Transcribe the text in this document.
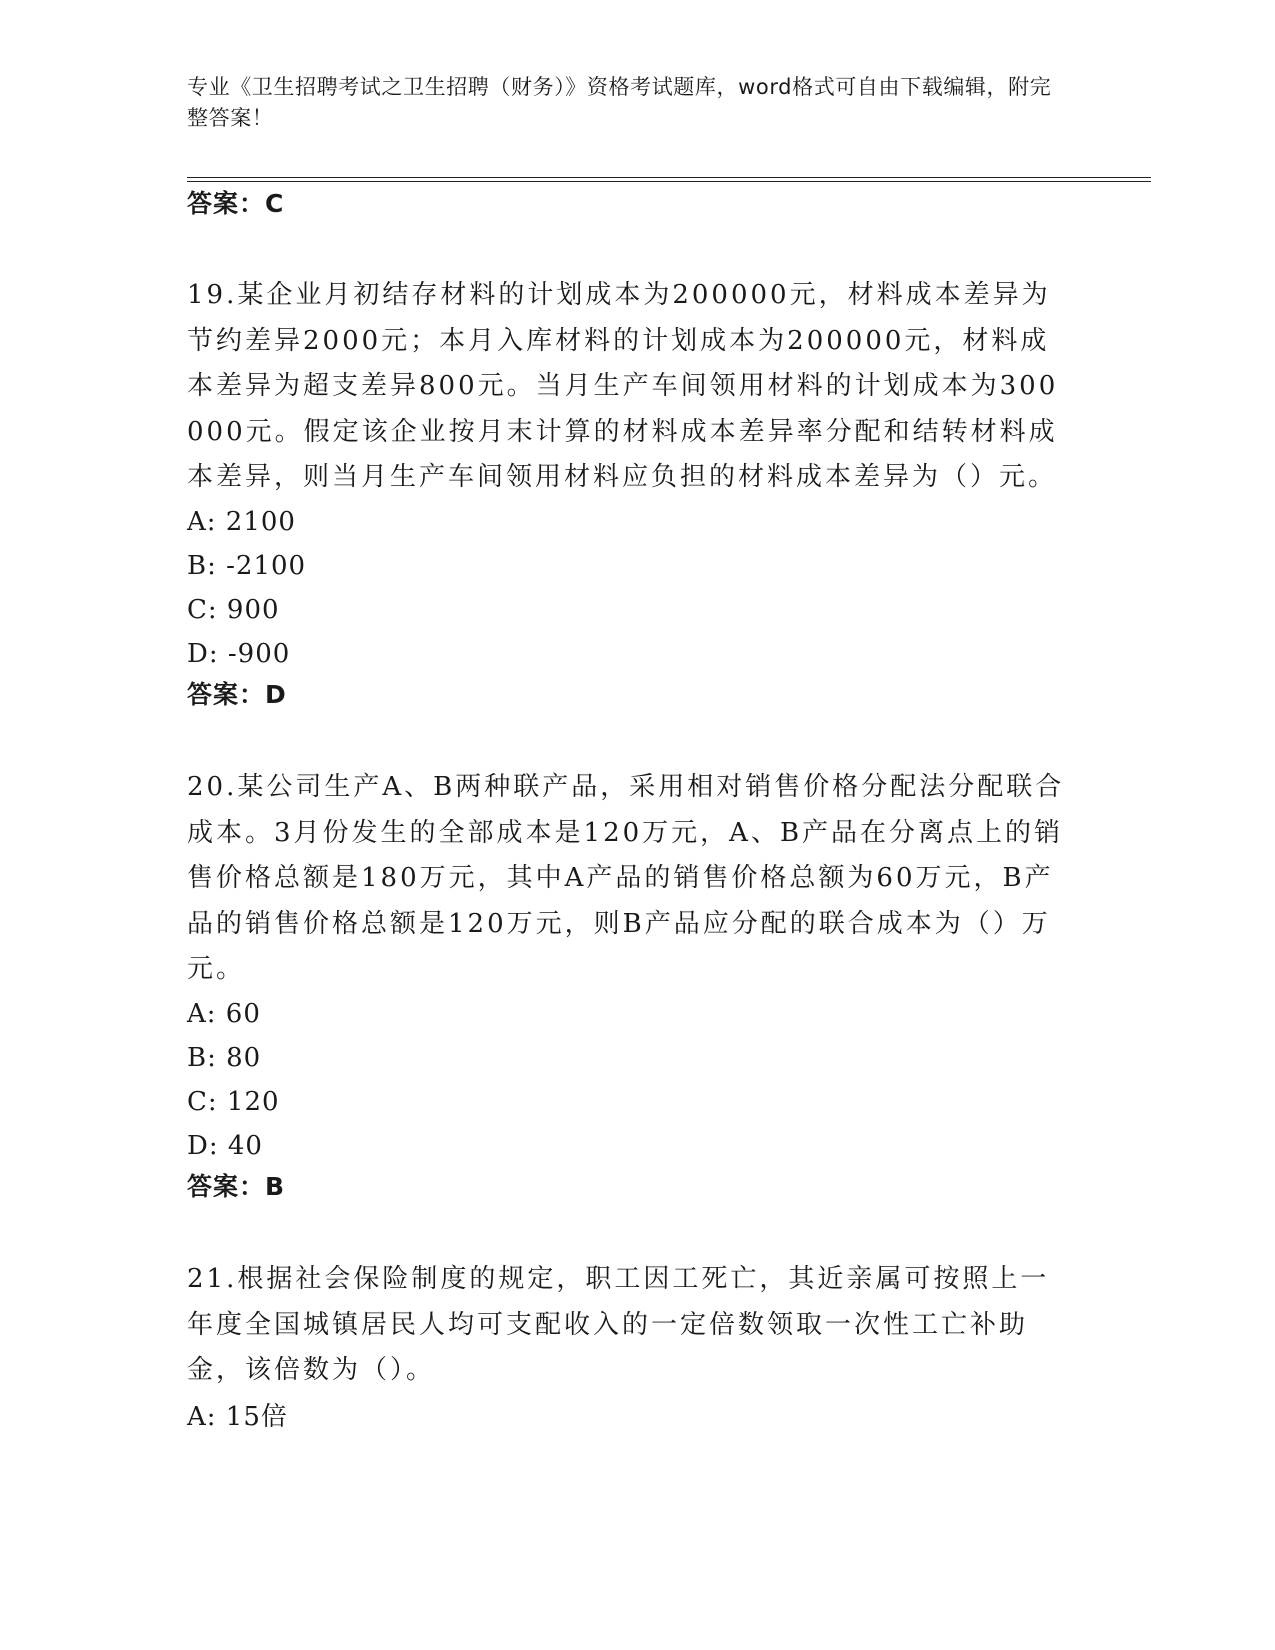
专业《卫生招聘考试之卫生招聘（财务）》资格考试题库，word格式可自由下载编辑，附完整答案！
答案：C
19.某企业月初结存材料的计划成本为200000元，材料成本差异为节约差异2000元；本月入库材料的计划成本为200000元，材料成本差异为超支差异800元。当月生产车间领用材料的计划成本为300000元。假定该企业按月末计算的材料成本差异率分配和结转材料成本差异，则当月生产车间领用材料应负担的材料成本差异为（）元。
A: 2100
B: -2100
C: 900
D: -900
答案：D
20.某公司生产A、B两种联产品，采用相对销售价格分配法分配联合成本。3月份发生的全部成本是120万元，A、B产品在分离点上的销售价格总额是180万元，其中A产品的销售价格总额为60万元，B产品的销售价格总额是120万元，则B产品应分配的联合成本为（）万元。
A: 60
B: 80
C: 120
D: 40
答案：B
21.根据社会保险制度的规定，职工因工死亡，其近亲属可按照上一年度全国城镇居民人均可支配收入的一定倍数领取一次性工亡补助金，该倍数为（）。
A: 15倍
